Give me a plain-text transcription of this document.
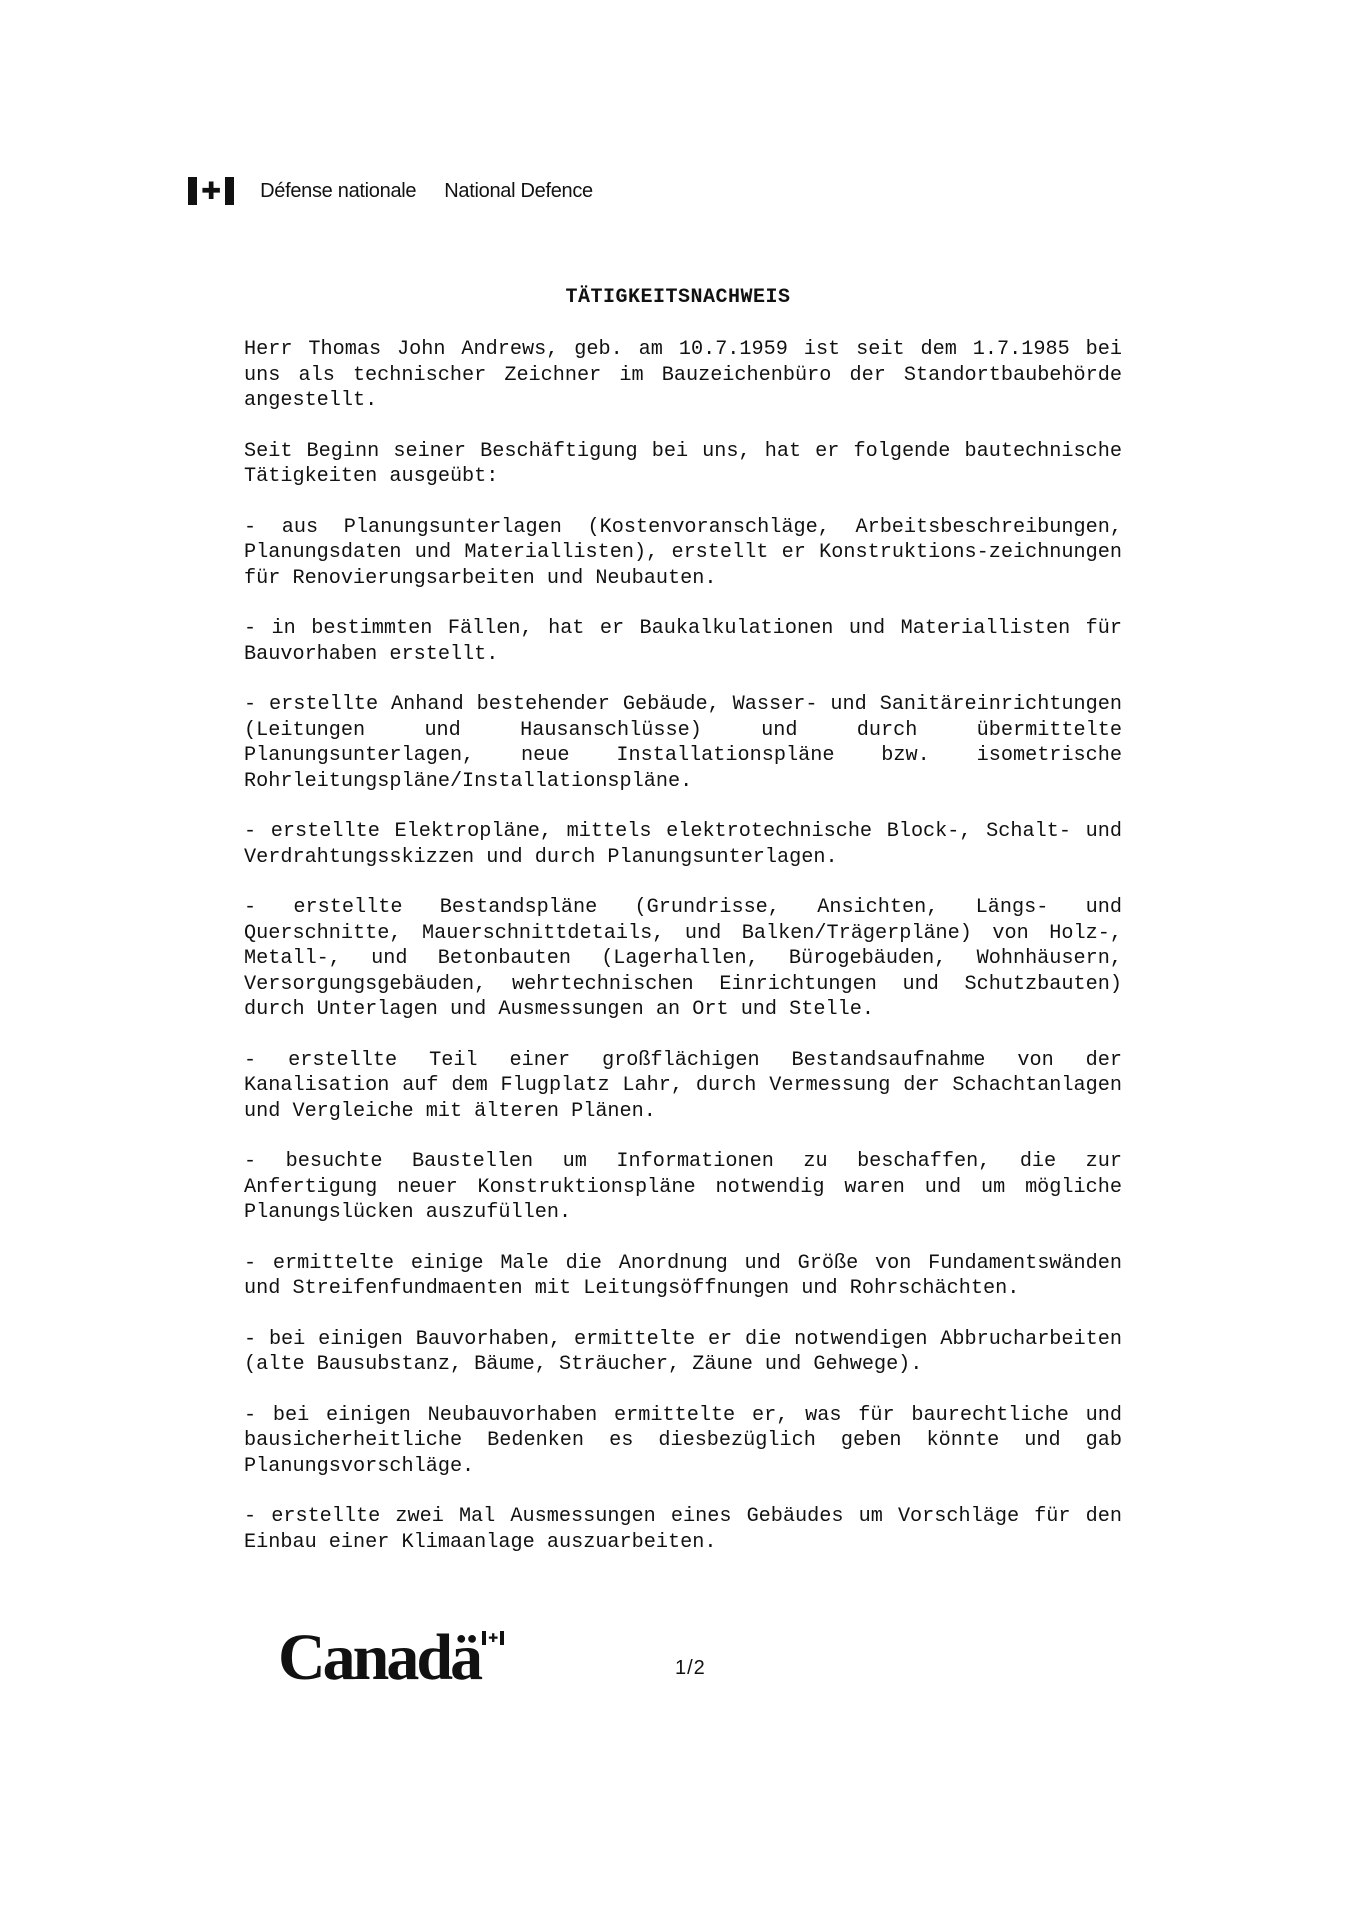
✚ Défense nationale National Defence
TÄTIGKEITSNACHWEIS

Herr Thomas John Andrews, geb. am 10.7.1959 ist seit dem 1.7.1985 bei uns als technischer Zeichner im Bauzeichenbüro der Standortbaubehörde angestellt.

Seit Beginn seiner Beschäftigung bei uns, hat er folgende bautechnische Tätigkeiten ausgeübt:

- aus Planungsunterlagen (Kostenvoranschläge, Arbeitsbeschreibungen, Planungsdaten und Materiallisten), erstellt er Konstruktions-zeichnungen für Renovierungsarbeiten und Neubauten.

- in bestimmten Fällen, hat er Baukalkulationen und Materiallisten für Bauvorhaben erstellt.

- erstellte Anhand bestehender Gebäude, Wasser- und Sanitäreinrichtungen (Leitungen und Hausanschlüsse) und durch übermittelte Planungsunterlagen, neue Installationspläne bzw. isometrische Rohrleitungspläne/Installationspläne.

- erstellte Elektropläne, mittels elektrotechnische Block-, Schalt- und Verdrahtungsskizzen und durch Planungsunterlagen.

- erstellte Bestandspläne (Grundrisse, Ansichten, Längs- und Querschnitte, Mauerschnittdetails, und Balken/Trägerpläne) von Holz-, Metall-, und Betonbauten (Lagerhallen, Bürogebäuden, Wohnhäusern, Versorgungsgebäuden, wehrtechnischen Einrichtungen und Schutzbauten) durch Unterlagen und Ausmessungen an Ort und Stelle.

- erstellte Teil einer großflächigen Bestandsaufnahme von der Kanalisation auf dem Flugplatz Lahr, durch Vermessung der Schachtanlagen und Vergleiche mit älteren Plänen.

- besuchte Baustellen um Informationen zu beschaffen, die zur Anfertigung neuer Konstruktionspläne notwendig waren und um mögliche Planungslücken auszufüllen.

- ermittelte einige Male die Anordnung und Größe von Fundamentswänden und Streifenfundmaenten mit Leitungsöffnungen und Rohrschächten.

- bei einigen Bauvorhaben, ermittelte er die notwendigen Abbrucharbeiten (alte Bausubstanz, Bäume, Sträucher, Zäune und Gehwege).

- bei einigen Neubauvorhaben ermittelte er, was für baurechtliche und bausicherheitliche Bedenken es diesbezüglich geben könnte und gab Planungsvorschläge.

- erstellte zwei Mal Ausmessungen eines Gebäudes um Vorschläge für den Einbau einer Klimaanlage auszuarbeiten.

1/2
Canadä ✚
